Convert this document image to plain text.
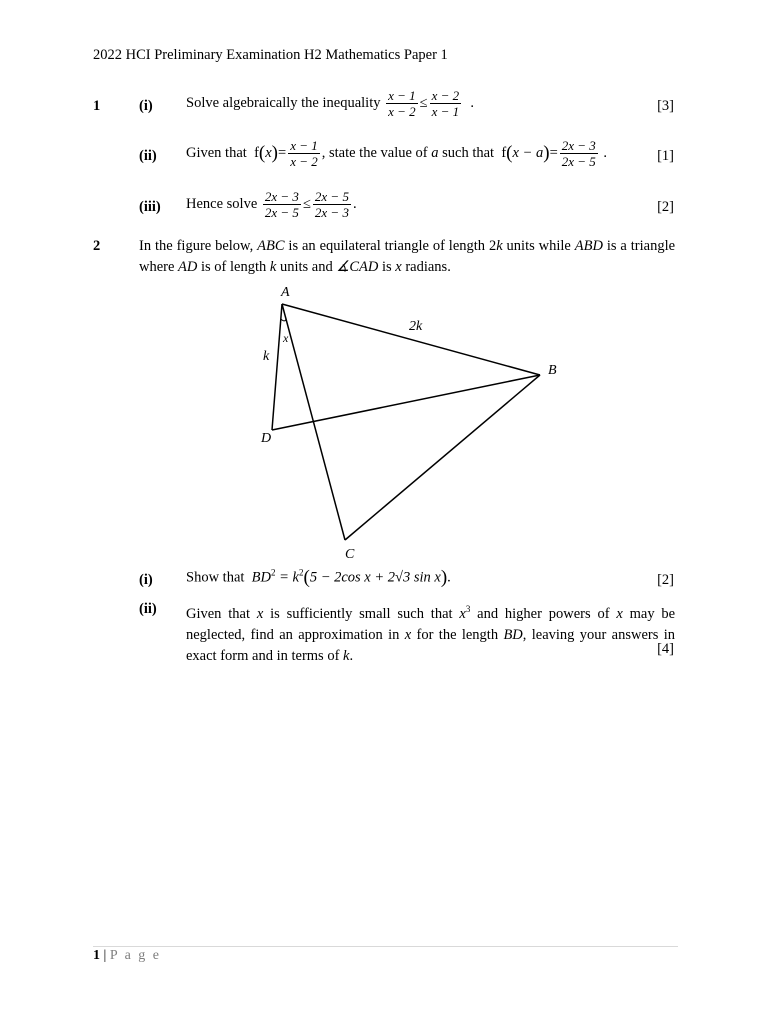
2022 HCI Preliminary Examination H2 Mathematics Paper 1
1	(i) Solve algebraically the inequality $\frac{x - 1}{x - 2} \le \frac{x - 2}{x - 1}$ .	[3]
(ii) Given that $f(x)= \frac{x - 1}{x - 2}$ , state the value of a such that $f(x - a)= \frac{2x - 3}{2x - 5}$ .	[1]
(iii) Hence solve $\frac{2x - 3}{2x - 5} \le \frac{2x - 5}{2x - 3}$ .	[2]
2	In the figure below, ABC is an equilateral triangle of length 2k units while ABD is a triangle where AD is of length k units and ∡CAD is x radians.
A
B
C
D
2k
k
x
(i) Show that $BD^2 = k^2(5 - 2\cos$ x + 2√3 sin x).	[2]
(ii) Given that x is sufficiently small such that $x^3$ and higher powers of x may be neglected, find an approximation in x for the length BD, leaving your answers in exact form and in terms of k.	[4]
1 | P a g e
